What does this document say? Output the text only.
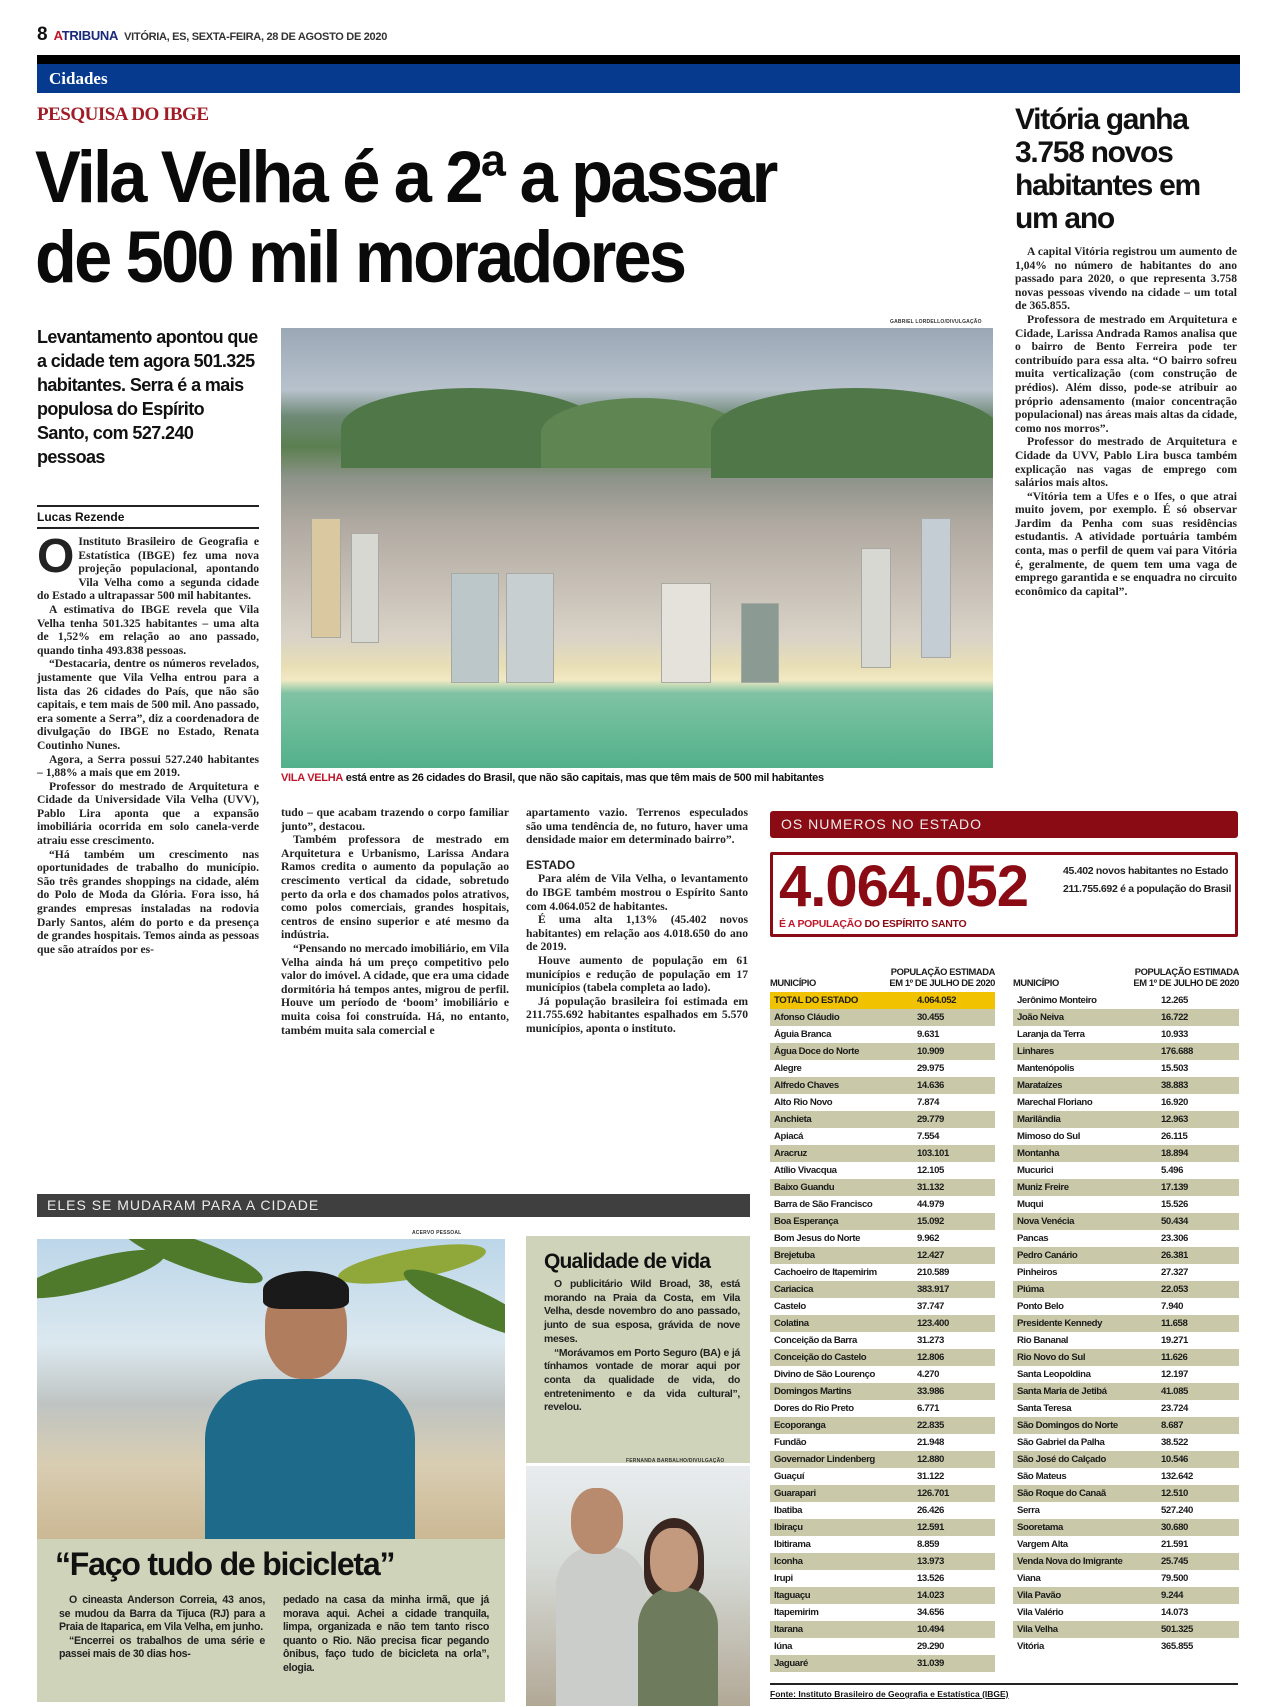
8 ATRIBUNA VITÓRIA, ES, SEXTA-FEIRA, 28 DE AGOSTO DE 2020
Cidades
PESQUISA DO IBGE
Vila Velha é a 2ª a passar
de 500 mil moradores
Vitória ganha 3.758 novos habitantes em um ano

A capital Vitória registrou um aumento de 1,04% no número de habitantes do ano passado para 2020, o que representa 3.758 novas pessoas vivendo na cidade – um total de 365.855.

Professora de mestrado em Arquitetura e Cidade, Larissa Andrada Ramos analisa que o bairro de Bento Ferreira pode ter contribuído para essa alta. “O bairro sofreu muita verticalização (com construção de prédios). Além disso, pode-se atribuir ao próprio adensamento (maior concentração populacional) nas áreas mais altas da cidade, como nos morros”.

Professor do mestrado de Arquitetura e Cidade da UVV, Pablo Lira busca também explicação nas vagas de emprego com salários mais altos.

“Vitória tem a Ufes e o Ifes, o que atrai muito jovem, por exemplo. É só observar Jardim da Penha com suas residências estudantis. A atividade portuária também conta, mas o perfil de quem vai para Vitória é, geralmente, de quem tem uma vaga de emprego garantida e se enquadra no circuito econômico da capital”.

Levantamento apontou que a cidade tem agora 501.325 habitantes. Serra é a mais populosa do Espírito Santo, com 527.240 pessoas
Lucas Rezende

O Instituto Brasileiro de Geografia e Estatística (IBGE) fez uma nova projeção populacional, apontando Vila Velha como a segunda cidade do Estado a ultrapassar 500 mil habitantes.

A estimativa do IBGE revela que Vila Velha tenha 501.325 habitantes – uma alta de 1,52% em relação ao ano passado, quando tinha 493.838 pessoas.

“Destacaria, dentre os números revelados, justamente que Vila Velha entrou para a lista das 26 cidades do País, que não são capitais, e tem mais de 500 mil. Ano passado, era somente a Serra”, diz a coordenadora de divulgação do IBGE no Estado, Renata Coutinho Nunes.

Agora, a Serra possui 527.240 habitantes – 1,88% a mais que em 2019.

Professor do mestrado de Arquitetura e Cidade da Universidade Vila Velha (UVV), Pablo Lira aponta que a expansão imobiliária ocorrida em solo canela-verde atraiu esse crescimento.

“Há também um crescimento nas oportunidades de trabalho do município. São três grandes shoppings na cidade, além do Polo de Moda da Glória. Fora isso, há grandes empresas instaladas na rodovia Darly Santos, além do porto e da presença de grandes hospitais. Temos ainda as pessoas que são atraídos por es-

GABRIEL LORDELLO/DIVULGAÇÃO
VILA VELHA está entre as 26 cidades do Brasil, que não são capitais, mas que têm mais de 500 mil habitantes

tudo – que acabam trazendo o corpo familiar junto”, destacou.

Também professora de mestrado em Arquitetura e Urbanismo, Larissa Andara Ramos credita o aumento da população ao crescimento vertical da cidade, sobretudo perto da orla e dos chamados polos atrativos, como polos comerciais, grandes hospitais, centros de ensino superior e até mesmo da indústria.

“Pensando no mercado imobiliário, em Vila Velha ainda há um preço competitivo pelo valor do imóvel. A cidade, que era uma cidade dormitória há tempos antes, migrou de perfil. Houve um período de ‘boom’ imobiliário e muita coisa foi construída. Há, no entanto, também muita sala comercial e

apartamento vazio. Terrenos especulados são uma tendência de, no futuro, haver uma densidade maior em determinado bairro”.

ESTADO

Para além de Vila Velha, o levantamento do IBGE também mostrou o Espírito Santo com 4.064.052 de habitantes.

É uma alta 1,13% (45.402 novos habitantes) em relação aos 4.018.650 do ano de 2019.

Houve aumento de população em 61 municípios e redução de população em 17 municípios (tabela completa ao lado).

Já população brasileira foi estimada em 211.755.692 habitantes espalhados em 5.570 municípios, aponta o instituto.

OS NUMEROS NO ESTADO
4.064.052
É A POPULAÇÃO DO ESPÍRITO SANTO
45.402 novos habitantes no Estado
211.755.692 é a população do Brasil
MUNICÍPIO
POPULAÇÃO ESTIMADA EM 1º DE JULHO DE 2020
TOTAL DO ESTADO	4.064.052
Afonso Cláudio	30.455
Águia Branca	9.631
Água Doce do Norte	10.909
Alegre	29.975
Alfredo Chaves	14.636
Alto Rio Novo	7.874
Anchieta	29.779
Apiacá	7.554
Aracruz	103.101
Atílio Vivacqua	12.105
Baixo Guandu	31.132
Barra de São Francisco	44.979
Boa Esperança	15.092
Bom Jesus do Norte	9.962
Brejetuba	12.427
Cachoeiro de Itapemirim	210.589
Cariacica	383.917
Castelo	37.747
Colatina	123.400
Conceição da Barra	31.273
Conceição do Castelo	12.806
Divino de São Lourenço	4.270
Domingos Martins	33.986
Dores do Rio Preto	6.771
Ecoporanga	22.835
Fundão	21.948
Governador Lindenberg	12.880
Guaçuí	31.122
Guarapari	126.701
Ibatiba	26.426
Ibiraçu	12.591
Ibitirama	8.859
Iconha	13.973
Irupi	13.526
Itaguaçu	14.023
Itapemirim	34.656
Itarana	10.494
Iúna	29.290
Jaguaré	31.039
MUNICÍPIO
POPULAÇÃO ESTIMADA EM 1º DE JULHO DE 2020
Jerônimo Monteiro	12.265
João Neiva	16.722
Laranja da Terra	10.933
Linhares	176.688
Mantenópolis	15.503
Marataízes	38.883
Marechal Floriano	16.920
Marilândia	12.963
Mimoso do Sul	26.115
Montanha	18.894
Mucurici	5.496
Muniz Freire	17.139
Muqui	15.526
Nova Venécia	50.434
Pancas	23.306
Pedro Canário	26.381
Pinheiros	27.327
Piúma	22.053
Ponto Belo	7.940
Presidente Kennedy	11.658
Rio Bananal	19.271
Rio Novo do Sul	11.626
Santa Leopoldina	12.197
Santa Maria de Jetibá	41.085
Santa Teresa	23.724
São Domingos do Norte	8.687
São Gabriel da Palha	38.522
São José do Calçado	10.546
São Mateus	132.642
São Roque do Canaã	12.510
Serra	527.240
Sooretama	30.680
Vargem Alta	21.591
Venda Nova do Imigrante	25.745
Viana	79.500
Vila Pavão	9.244
Vila Valério	14.073
Vila Velha	501.325
Vitória	365.855
Fonte: Instituto Brasileiro de Geografia e Estatística (IBGE)
ELES SE MUDARAM PARA A CIDADE
ACERVO PESSOAL
“Faço tudo de bicicleta”

O cineasta Anderson Correia, 43 anos, se mudou da Barra da Tijuca (RJ) para a Praia de Itaparica, em Vila Velha, em junho.

“Encerrei os trabalhos de uma série e passei mais de 30 dias hos-

pedado na casa da minha irmã, que já morava aqui. Achei a cidade tranquila, limpa, organizada e não tem tanto risco quanto o Rio. Não precisa ficar pegando ônibus, faço tudo de bicicleta na orla”, elogia.

Qualidade de vida

O publicitário Wild Broad, 38, está morando na Praia da Costa, em Vila Velha, desde novembro do ano passado, junto de sua esposa, grávida de nove meses.

“Morávamos em Porto Seguro (BA) e já tínhamos vontade de morar aqui por conta da qualidade de vida, do entretenimento e da vida cultural”, revelou.

FERNANDA BARBALHO/DIVULGAÇÃO
